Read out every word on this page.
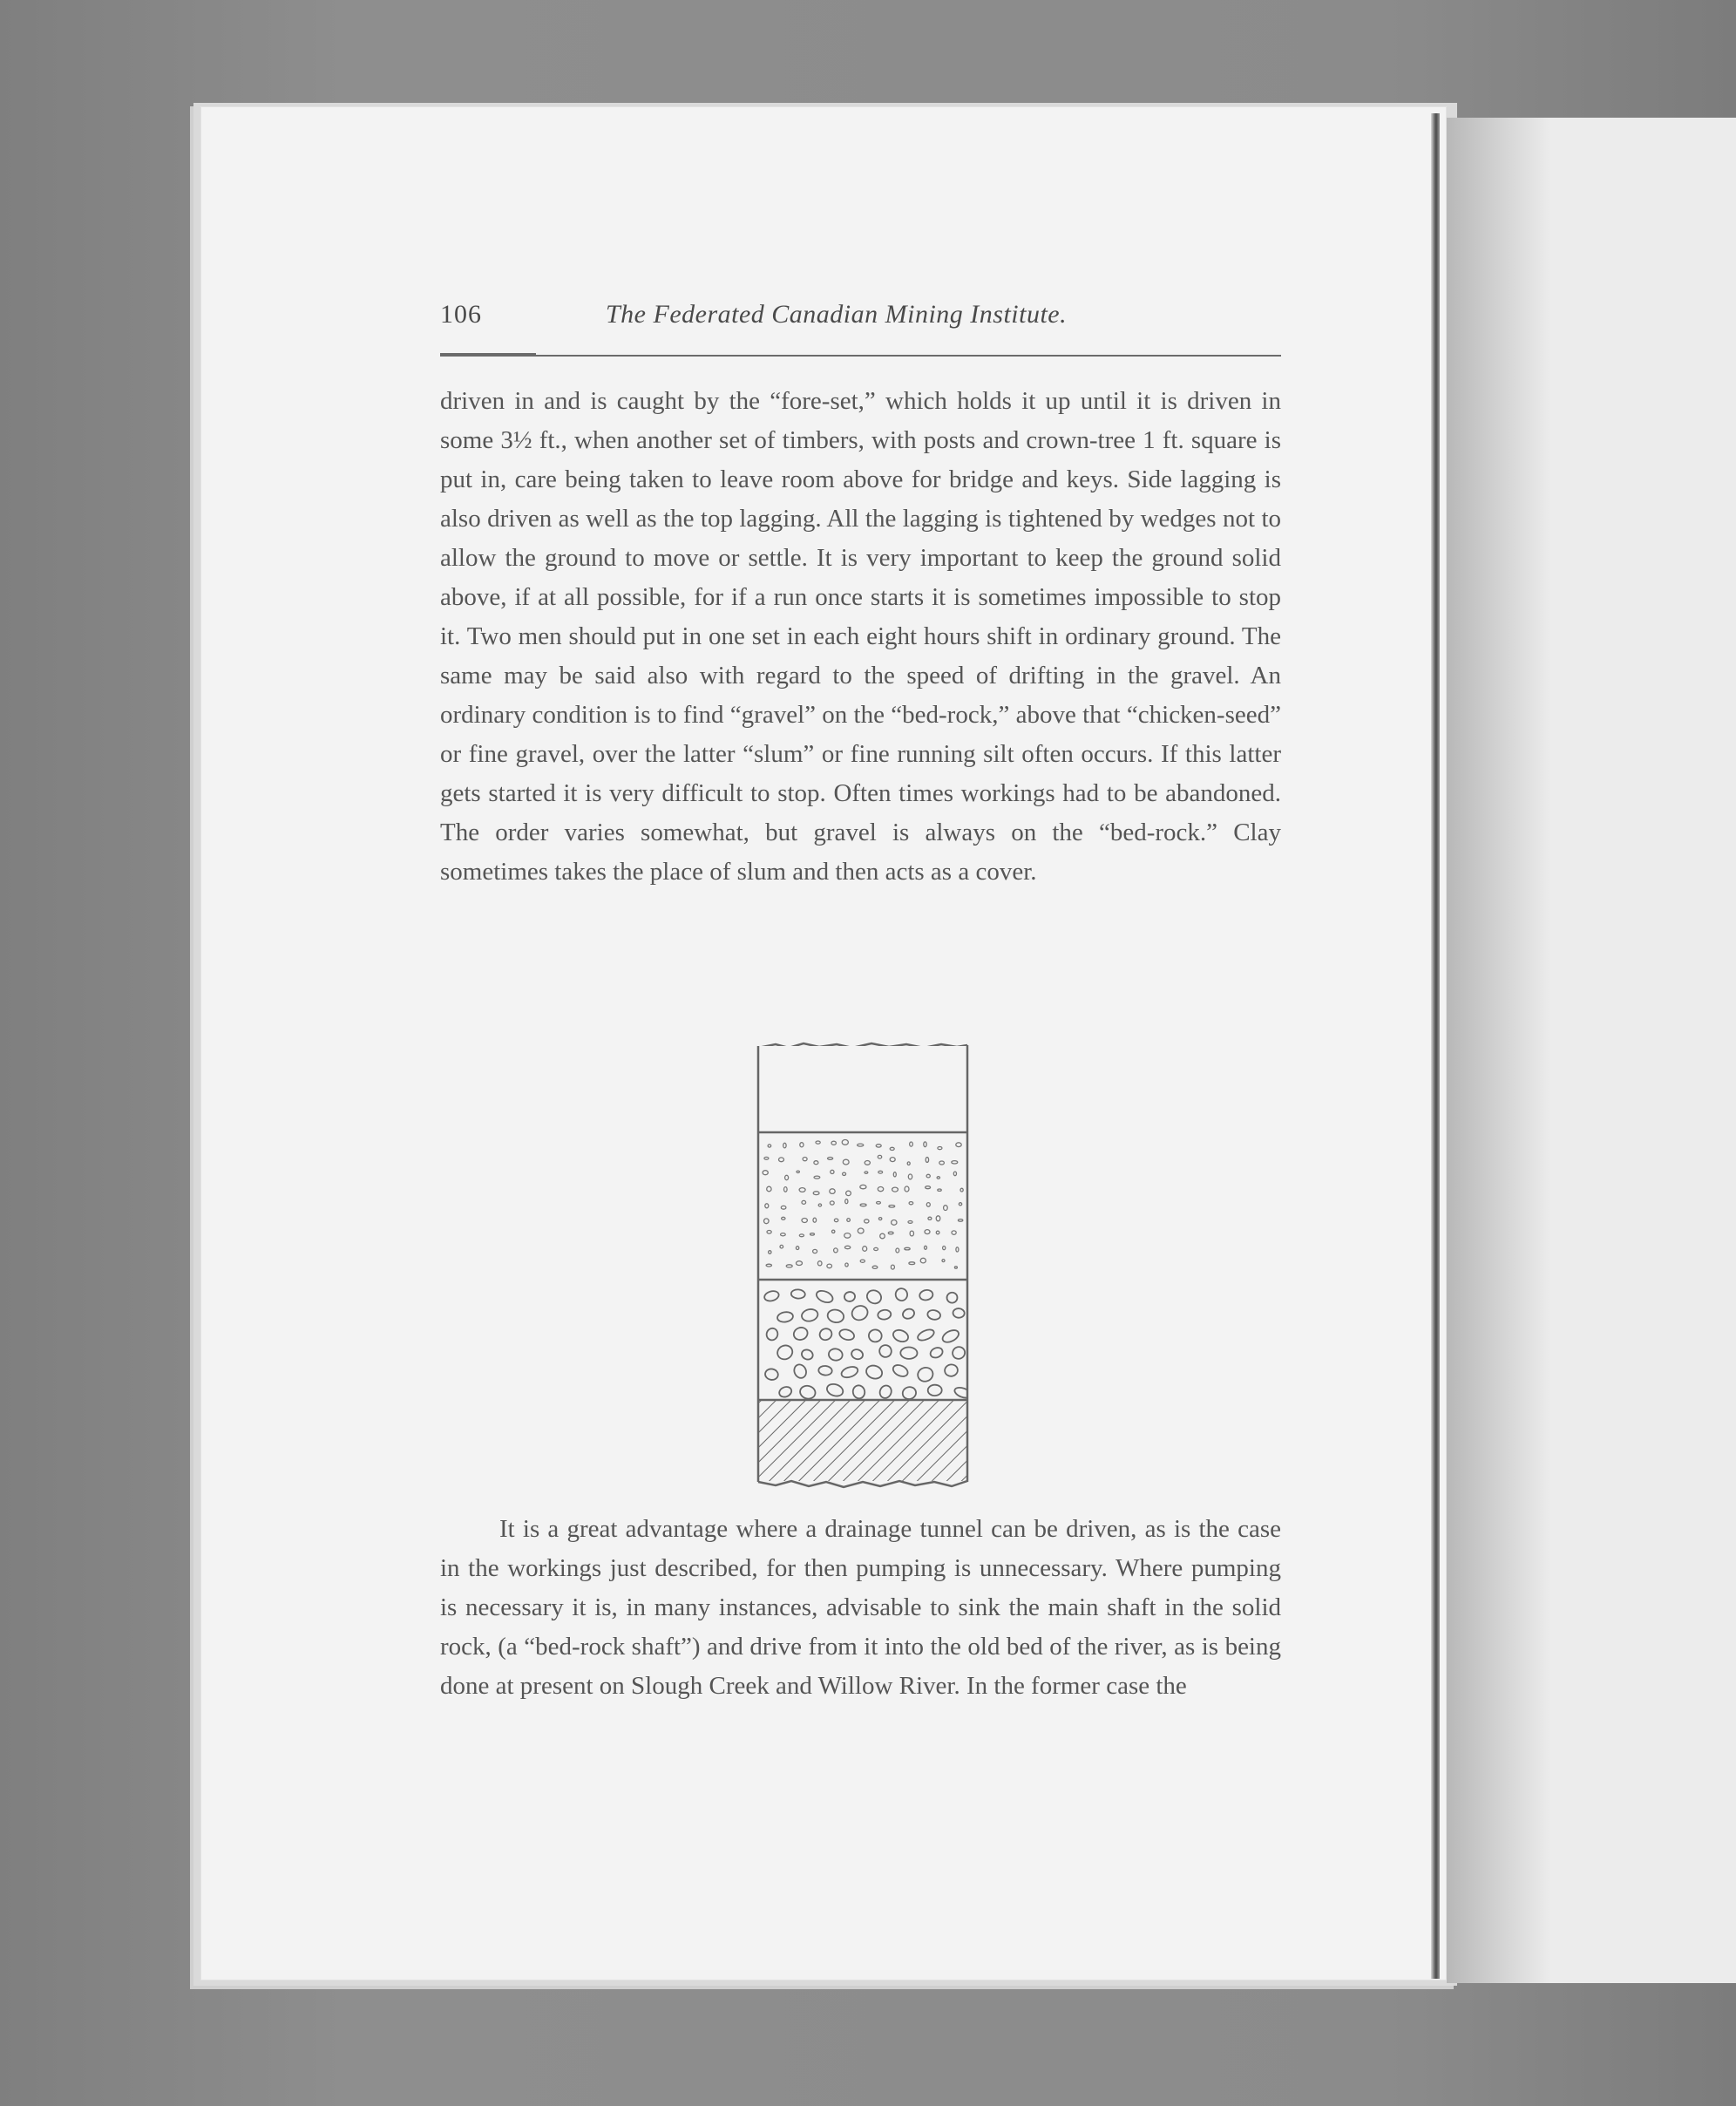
106	The Federated Canadian Mining Institute.

driven in and is caught by the “fore-set,” which holds it up until it is driven in some 3½ ft., when another set of timbers, with posts and crown-tree 1 ft. square is put in, care being taken to leave room above for bridge and keys. Side lagging is also driven as well as the top lagging. All the lagging is tightened by wedges not to allow the ground to move or settle. It is very important to keep the ground solid above, if at all possible, for if a run once starts it is sometimes impossible to stop it. Two men should put in one set in each eight hours shift in ordinary ground. The same may be said also with regard to the speed of drifting in the gravel. An ordinary condition is to find “gravel” on the “bed-rock,” above that “chicken-seed” or fine gravel, over the latter “slum” or fine running silt often occurs. If this latter gets started it is very difficult to stop. Often times workings had to be abandoned. The order varies somewhat, but gravel is always on the “bed-rock.” Clay sometimes takes the place of slum and then acts as a cover.

It is a great advantage where a drainage tunnel can be driven, as is the case in the workings just described, for then pumping is unnecessary. Where pumping is necessary it is, in many instances, advisable to sink the main shaft in the solid rock, (a “bed-rock shaft”) and drive from it into the old bed of the river, as is being done at present on Slough Creek and Willow River. In the former case the
